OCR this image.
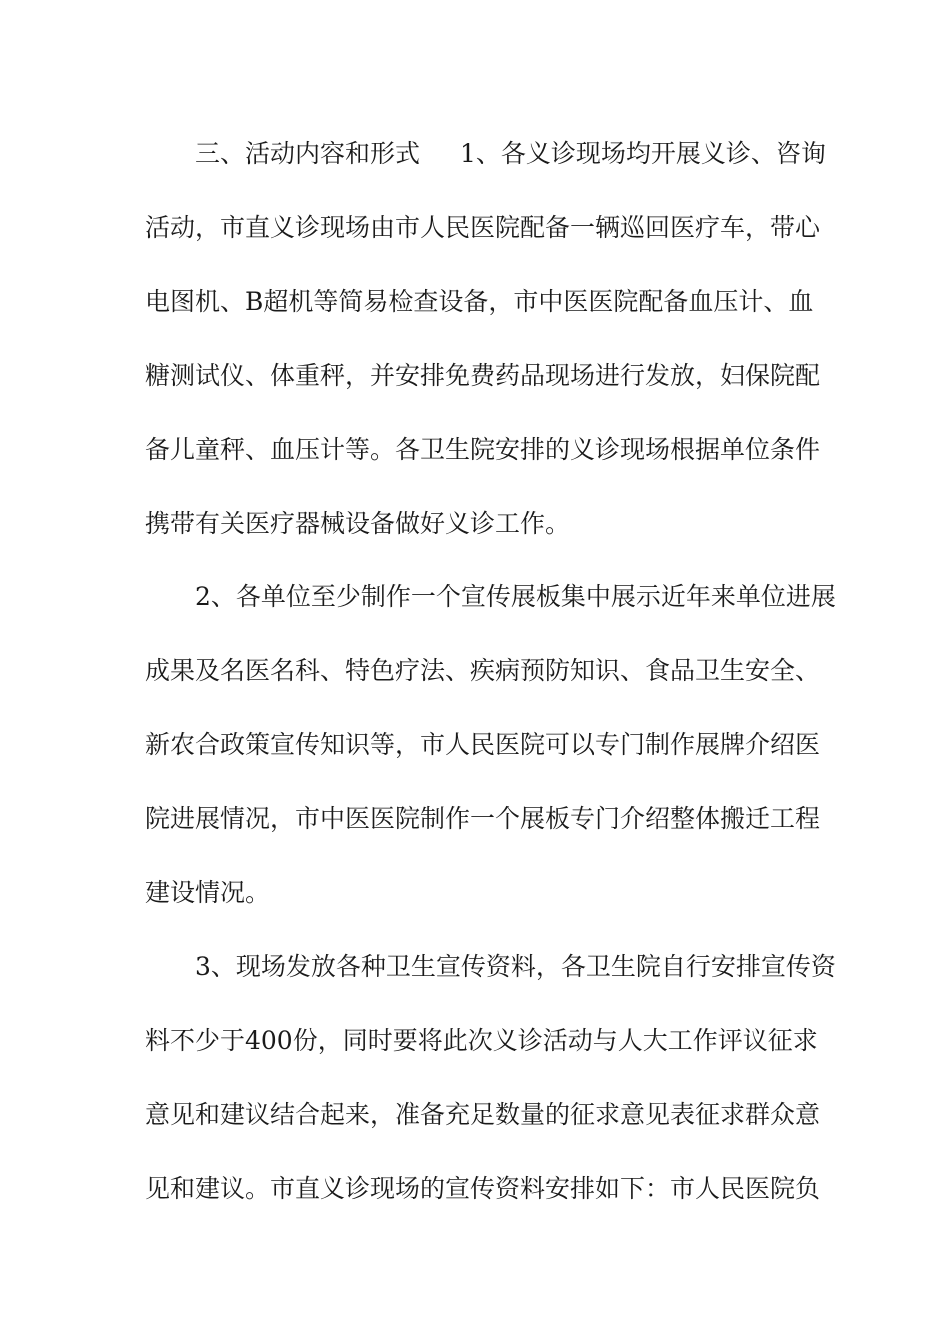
三、活动内容和形式 1、各义诊现场均开展义诊、咨询
活动，市直义诊现场由市人民医院配备一辆巡回医疗车，带心
电图机、B超机等简易检查设备，市中医医院配备血压计、血
糖测试仪、体重秤，并安排免费药品现场进行发放，妇保院配
备儿童秤、血压计等。各卫生院安排的义诊现场根据单位条件
携带有关医疗器械设备做好义诊工作。
2、各单位至少制作一个宣传展板集中展示近年来单位进展
成果及名医名科、特色疗法、疾病预防知识、食品卫生安全、
新农合政策宣传知识等，市人民医院可以专门制作展牌介绍医
院进展情况，市中医医院制作一个展板专门介绍整体搬迁工程
建设情况。
3、现场发放各种卫生宣传资料，各卫生院自行安排宣传资
料不少于400份，同时要将此次义诊活动与人大工作评议征求
意见和建议结合起来，准备充足数量的征求意见表征求群众意
见和建议。市直义诊现场的宣传资料安排如下：市人民医院负
